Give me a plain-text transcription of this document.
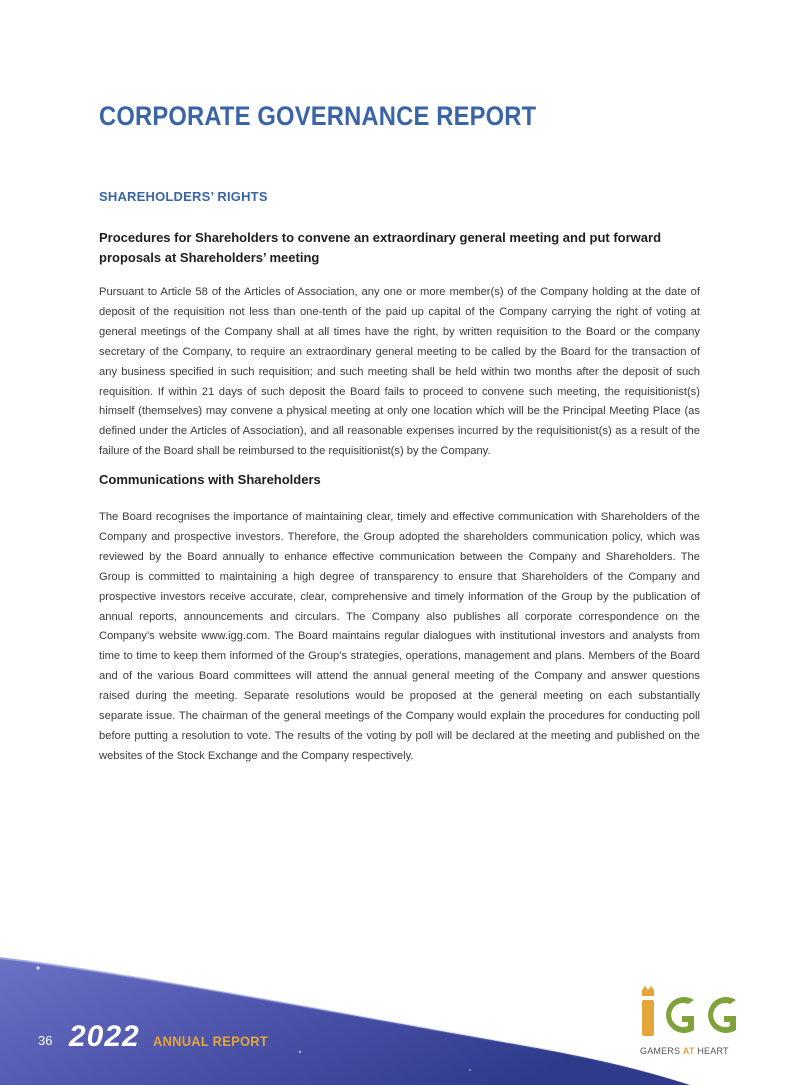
CORPORATE GOVERNANCE REPORT
SHAREHOLDERS’ RIGHTS
Procedures for Shareholders to convene an extraordinary general meeting and put forward proposals at Shareholders’ meeting

Pursuant to Article 58 of the Articles of Association, any one or more member(s) of the Company holding at the date of deposit of the requisition not less than one-tenth of the paid up capital of the Company carrying the right of voting at general meetings of the Company shall at all times have the right, by written requisition to the Board or the company secretary of the Company, to require an extraordinary general meeting to be called by the Board for the transaction of any business specified in such requisition; and such meeting shall be held within two months after the deposit of such requisition. If within 21 days of such deposit the Board fails to proceed to convene such meeting, the requisitionist(s) himself (themselves) may convene a physical meeting at only one location which will be the Principal Meeting Place (as defined under the Articles of Association), and all reasonable expenses incurred by the requisitionist(s) as a result of the failure of the Board shall be reimbursed to the requisitionist(s) by the Company.

Communications with Shareholders

The Board recognises the importance of maintaining clear, timely and effective communication with Shareholders of the Company and prospective investors. Therefore, the Group adopted the shareholders communication policy, which was reviewed by the Board annually to enhance effective communication between the Company and Shareholders. The Group is committed to maintaining a high degree of transparency to ensure that Shareholders of the Company and prospective investors receive accurate, clear, comprehensive and timely information of the Group by the publication of annual reports, announcements and circulars. The Company also publishes all corporate correspondence on the Company’s website www.igg.com. The Board maintains regular dialogues with institutional investors and analysts from time to time to keep them informed of the Group’s strategies, operations, management and plans. Members of the Board and of the various Board committees will attend the annual general meeting of the Company and answer questions raised during the meeting. Separate resolutions would be proposed at the general meeting on each substantially separate issue. The chairman of the general meetings of the Company would explain the procedures for conducting poll before putting a resolution to vote. The results of the voting by poll will be declared at the meeting and published on the websites of the Stock Exchange and the Company respectively.

36 2022 ANNUAL REPORT
GAMERS AT HEART
